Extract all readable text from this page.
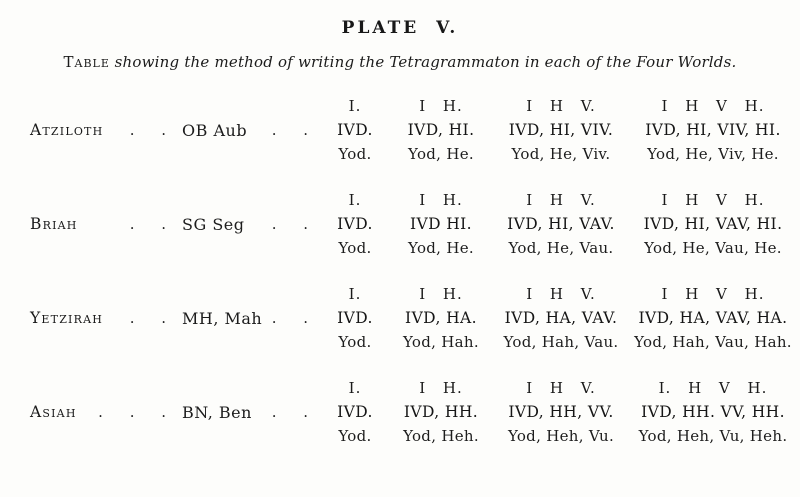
PLATE V.
Table showing the method of writing the Tetragrammaton in each of the Four Worlds.
Atziloth . . OB Aub . .
I.
IVD.
Yod.
I H.
IVD, HI.
Yod, He.
I H V.
IVD, HI, VIV.
Yod, He, Viv.
I H V H.
IVD, HI, VIV, HI.
Yod, He, Viv, He.
Briah	. . SG Seg . .
I.
IVD.
Yod.
I H.
IVD HI.
Yod, He.
I H V.
IVD, HI, VAV.
Yod, He, Vau.
I H V H.
IVD, HI, VAV, HI.
Yod, He, Vau, He.
Yetzirah . . MH, Mah . .
I.
IVD.
Yod.
I H.
IVD, HA.
Yod, Hah.
I H V.
IVD, HA, VAV.
Yod, Hah, Vau.
I H V H.
IVD, HA, VAV, HA.
Yod, Hah, Vau, Hah.
Asiah . . . BN, Ben . .
I.
IVD.
Yod.
I H.
IVD, HH.
Yod, Heh.
I H V.
IVD, HH, VV.
Yod, Heh, Vu.
I. H V H.
IVD, HH. VV, HH.
Yod, Heh, Vu, Heh.
